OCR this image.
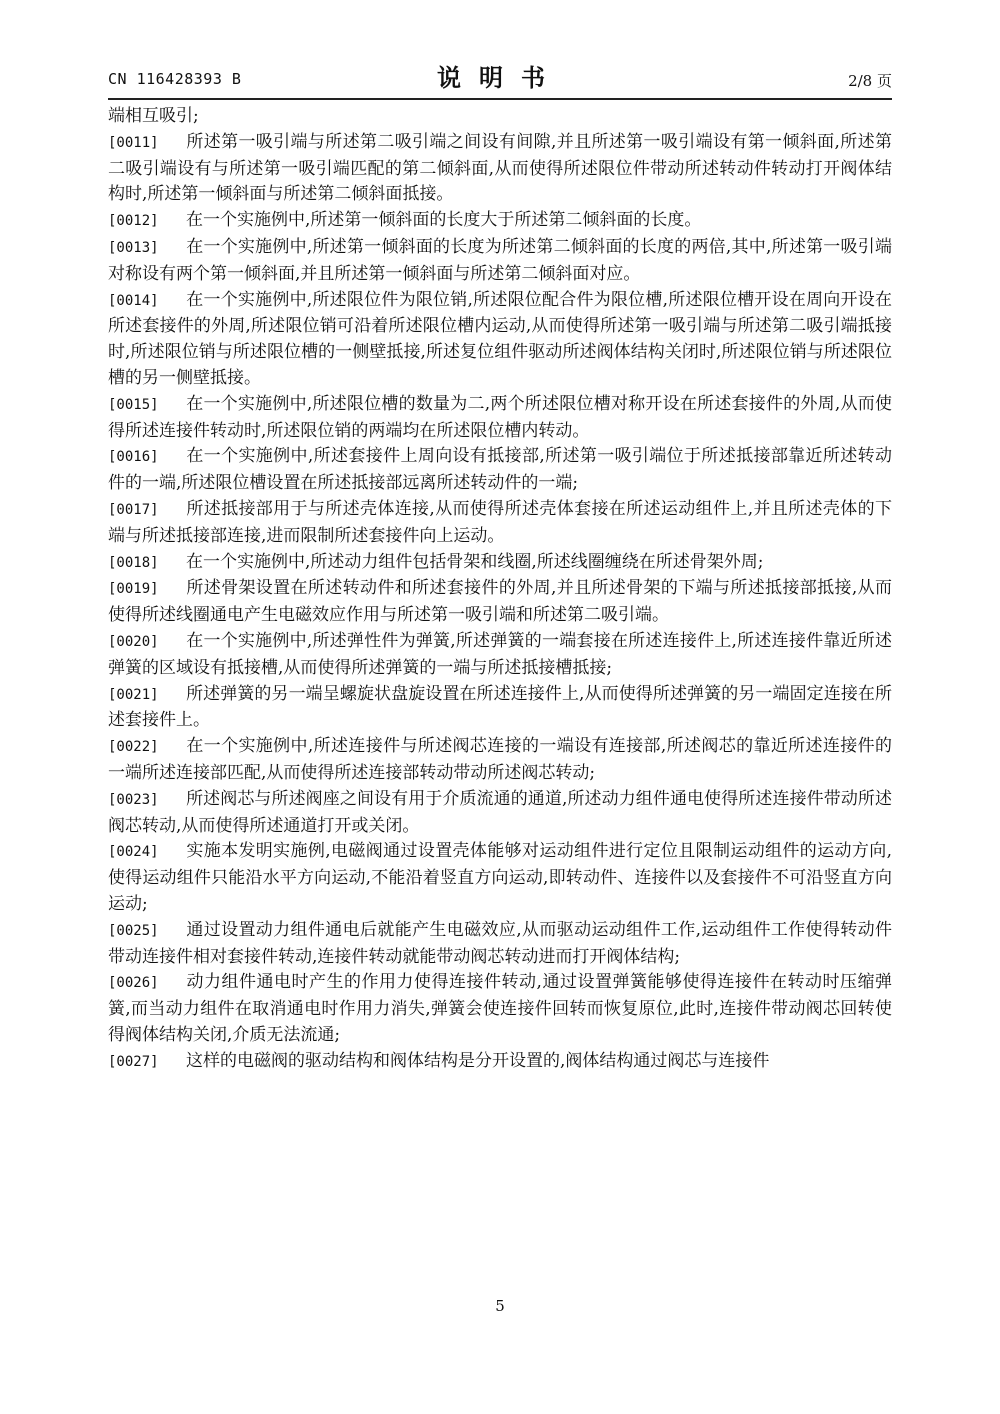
CN 116428393 B	说明书	2/8 页

端相互吸引;

[0011] 所述第一吸引端与所述第二吸引端之间设有间隙,并且所述第一吸引端设有第一倾斜面,所述第二吸引端设有与所述第一吸引端匹配的第二倾斜面,从而使得所述限位件带动所述转动件转动打开阀体结构时,所述第一倾斜面与所述第二倾斜面抵接。

[0012] 在一个实施例中,所述第一倾斜面的长度大于所述第二倾斜面的长度。

[0013] 在一个实施例中,所述第一倾斜面的长度为所述第二倾斜面的长度的两倍,其中,所述第一吸引端对称设有两个第一倾斜面,并且所述第一倾斜面与所述第二倾斜面对应。

[0014] 在一个实施例中,所述限位件为限位销,所述限位配合件为限位槽,所述限位槽开设在周向开设在所述套接件的外周,所述限位销可沿着所述限位槽内运动,从而使得所述第一吸引端与所述第二吸引端抵接时,所述限位销与所述限位槽的一侧壁抵接,所述复位组件驱动所述阀体结构关闭时,所述限位销与所述限位槽的另一侧壁抵接。

[0015] 在一个实施例中,所述限位槽的数量为二,两个所述限位槽对称开设在所述套接件的外周,从而使得所述连接件转动时,所述限位销的两端均在所述限位槽内转动。

[0016] 在一个实施例中,所述套接件上周向设有抵接部,所述第一吸引端位于所述抵接部靠近所述转动件的一端,所述限位槽设置在所述抵接部远离所述转动件的一端;

[0017] 所述抵接部用于与所述壳体连接,从而使得所述壳体套接在所述运动组件上,并且所述壳体的下端与所述抵接部连接,进而限制所述套接件向上运动。

[0018] 在一个实施例中,所述动力组件包括骨架和线圈,所述线圈缠绕在所述骨架外周;

[0019] 所述骨架设置在所述转动件和所述套接件的外周,并且所述骨架的下端与所述抵接部抵接,从而使得所述线圈通电产生电磁效应作用与所述第一吸引端和所述第二吸引端。

[0020] 在一个实施例中,所述弹性件为弹簧,所述弹簧的一端套接在所述连接件上,所述连接件靠近所述弹簧的区域设有抵接槽,从而使得所述弹簧的一端与所述抵接槽抵接;

[0021] 所述弹簧的另一端呈螺旋状盘旋设置在所述连接件上,从而使得所述弹簧的另一端固定连接在所述套接件上。

[0022] 在一个实施例中,所述连接件与所述阀芯连接的一端设有连接部,所述阀芯的靠近所述连接件的一端所述连接部匹配,从而使得所述连接部转动带动所述阀芯转动;

[0023] 所述阀芯与所述阀座之间设有用于介质流通的通道,所述动力组件通电使得所述连接件带动所述阀芯转动,从而使得所述通道打开或关闭。

[0024] 实施本发明实施例,电磁阀通过设置壳体能够对运动组件进行定位且限制运动组件的运动方向,使得运动组件只能沿水平方向运动,不能沿着竖直方向运动,即转动件、连接件以及套接件不可沿竖直方向运动;

[0025] 通过设置动力组件通电后就能产生电磁效应,从而驱动运动组件工作,运动组件工作使得转动件带动连接件相对套接件转动,连接件转动就能带动阀芯转动进而打开阀体结构;

[0026] 动力组件通电时产生的作用力使得连接件转动,通过设置弹簧能够使得连接件在转动时压缩弹簧,而当动力组件在取消通电时作用力消失,弹簧会使连接件回转而恢复原位,此时,连接件带动阀芯回转使得阀体结构关闭,介质无法流通;

[0027] 这样的电磁阀的驱动结构和阀体结构是分开设置的,阀体结构通过阀芯与连接件

5
